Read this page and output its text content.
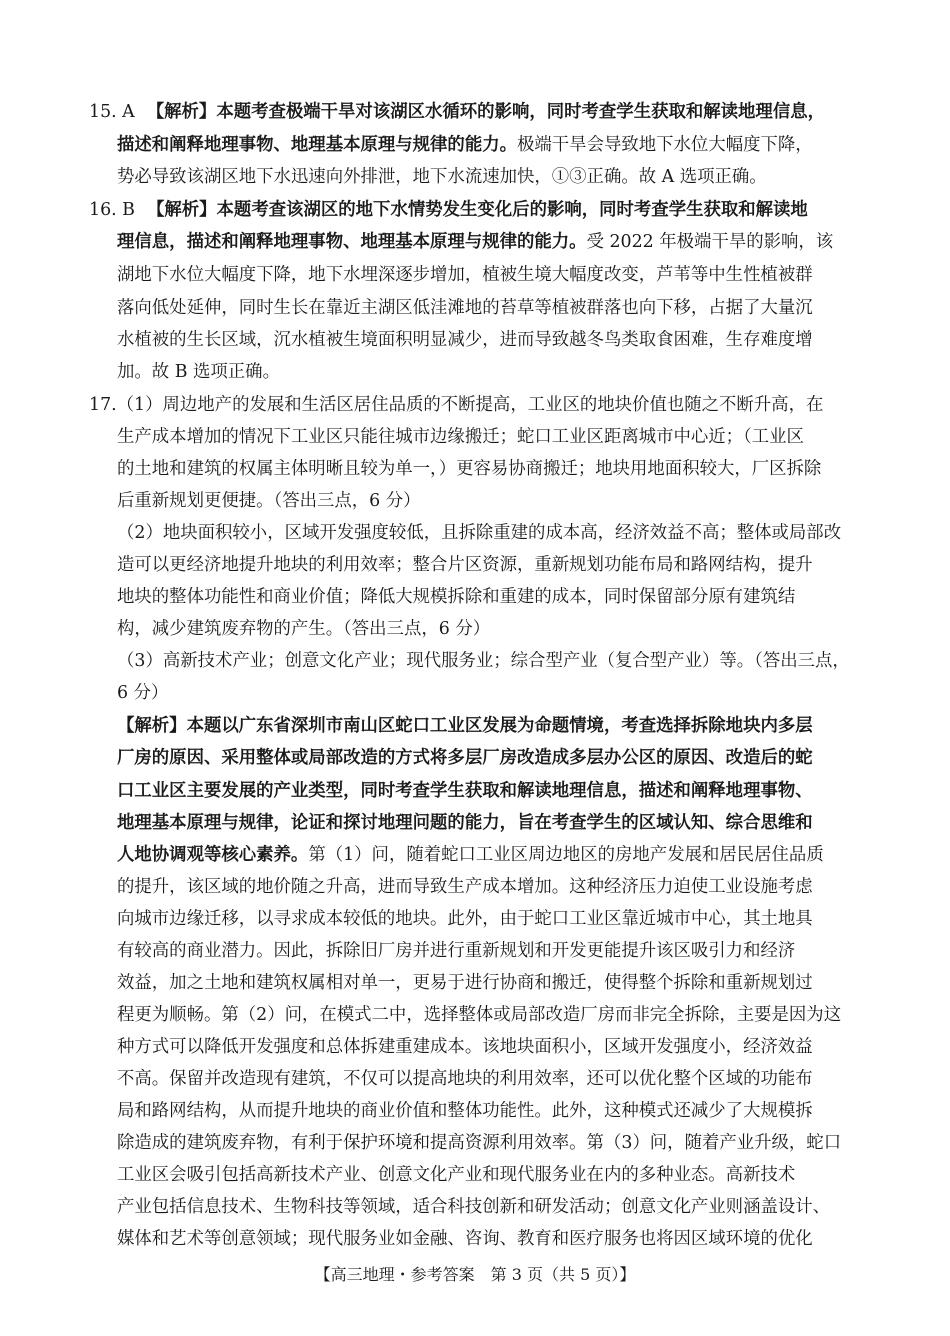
15. A 【解析】本题考查极端干旱对该湖区水循环的影响，同时考查学生获取和解读地理信息，
描述和阐释地理事物、地理基本原理与规律的能力。极端干旱会导致地下水位大幅度下降，
势必导致该湖区地下水迅速向外排泄，地下水流速加快，①③正确。故 A 选项正确。
16. B 【解析】本题考查该湖区的地下水情势发生变化后的影响，同时考查学生获取和解读地
理信息，描述和阐释地理事物、地理基本原理与规律的能力。受 2022 年极端干旱的影响，该
湖地下水位大幅度下降，地下水埋深逐步增加，植被生境大幅度改变，芦苇等中生性植被群
落向低处延伸，同时生长在靠近主湖区低洼滩地的苔草等植被群落也向下移，占据了大量沉
水植被的生长区域，沉水植被生境面积明显减少，进而导致越冬鸟类取食困难，生存难度增
加。故 B 选项正确。
17.（1）周边地产的发展和生活区居住品质的不断提高，工业区的地块价值也随之不断升高，在
生产成本增加的情况下工业区只能往城市边缘搬迁；蛇口工业区距离城市中心近；（工业区
的土地和建筑的权属主体明晰且较为单一，）更容易协商搬迁；地块用地面积较大，厂区拆除
后重新规划更便捷。（答出三点，6 分）
（2）地块面积较小，区域开发强度较低，且拆除重建的成本高，经济效益不高；整体或局部改
造可以更经济地提升地块的利用效率；整合片区资源，重新规划功能布局和路网结构，提升
地块的整体功能性和商业价值；降低大规模拆除和重建的成本，同时保留部分原有建筑结
构，减少建筑废弃物的产生。（答出三点，6 分）
（3）高新技术产业；创意文化产业；现代服务业；综合型产业（复合型产业）等。（答出三点，
6 分）
【解析】本题以广东省深圳市南山区蛇口工业区发展为命题情境，考查选择拆除地块内多层
厂房的原因、采用整体或局部改造的方式将多层厂房改造成多层办公区的原因、改造后的蛇
口工业区主要发展的产业类型，同时考查学生获取和解读地理信息，描述和阐释地理事物、
地理基本原理与规律，论证和探讨地理问题的能力，旨在考查学生的区域认知、综合思维和
人地协调观等核心素养。第（1）问，随着蛇口工业区周边地区的房地产发展和居民居住品质
的提升，该区域的地价随之升高，进而导致生产成本增加。这种经济压力迫使工业设施考虑
向城市边缘迁移，以寻求成本较低的地块。此外，由于蛇口工业区靠近城市中心，其土地具
有较高的商业潜力。因此，拆除旧厂房并进行重新规划和开发更能提升该区吸引力和经济
效益，加之土地和建筑权属相对单一，更易于进行协商和搬迁，使得整个拆除和重新规划过
程更为顺畅。第（2）问，在模式二中，选择整体或局部改造厂房而非完全拆除，主要是因为这
种方式可以降低开发强度和总体拆建重建成本。该地块面积小，区域开发强度小，经济效益
不高。保留并改造现有建筑，不仅可以提高地块的利用效率，还可以优化整个区域的功能布
局和路网结构，从而提升地块的商业价值和整体功能性。此外，这种模式还减少了大规模拆
除造成的建筑废弃物，有利于保护环境和提高资源利用效率。第（3）问，随着产业升级，蛇口
工业区会吸引包括高新技术产业、创意文化产业和现代服务业在内的多种业态。高新技术
产业包括信息技术、生物科技等领域，适合科技创新和研发活动；创意文化产业则涵盖设计、
媒体和艺术等创意领域；现代服务业如金融、咨询、教育和医疗服务也将因区域环境的优化
【高三地理・参考答案　第 3 页（共 5 页）】
